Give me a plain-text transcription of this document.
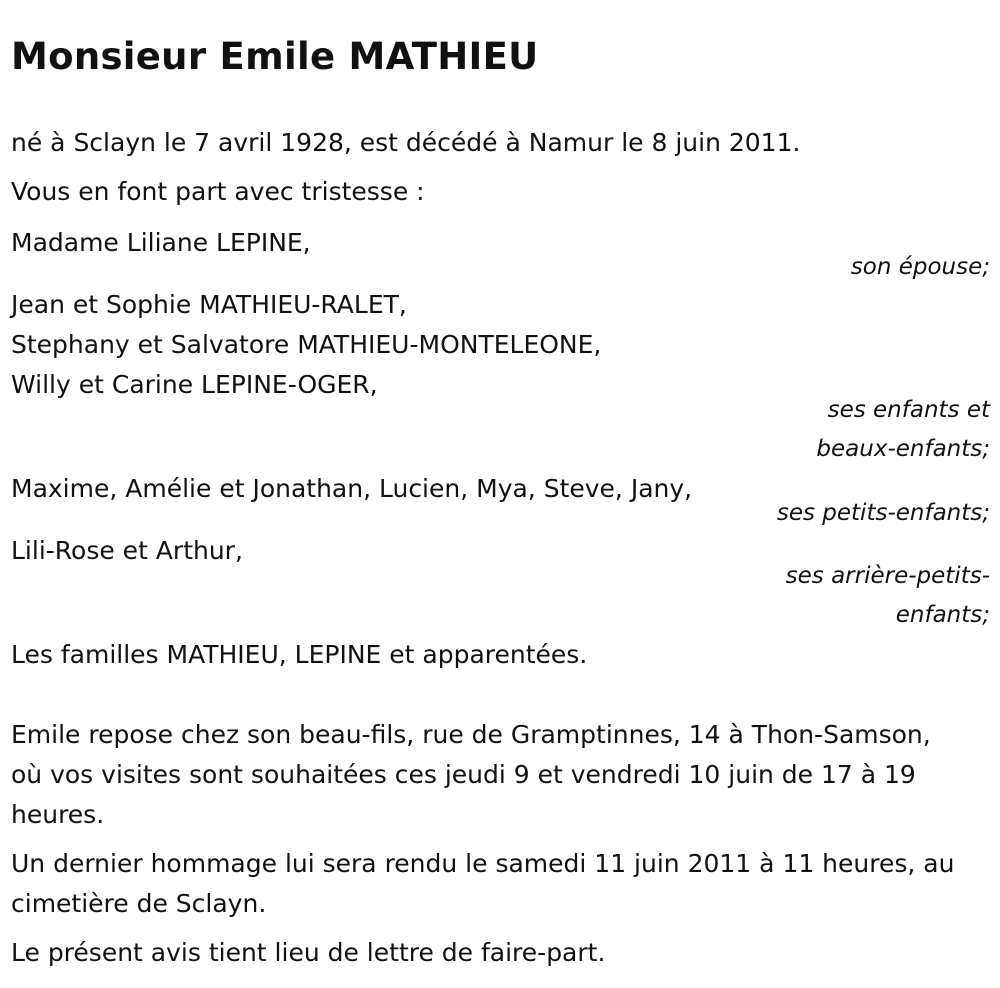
Monsieur Emile MATHIEU

né à Sclayn le 7 avril 1928, est décédé à Namur le 8 juin 2011.

Vous en font part avec tristesse :

Madame Liliane LEPINE,

son épouse;

Jean et Sophie MATHIEU-RALET,

Stephany et Salvatore MATHIEU-MONTELEONE,

Willy et Carine LEPINE-OGER,

ses enfants et

beaux-enfants;

Maxime, Amélie et Jonathan, Lucien, Mya, Steve, Jany,

ses petits-enfants;

Lili-Rose et Arthur,

ses arrière-petits-

enfants;

Les familles MATHIEU, LEPINE et apparentées.

Emile repose chez son beau-fils, rue de Gramptinnes, 14 à Thon-Samson,

où vos visites sont souhaitées ces jeudi 9 et vendredi 10 juin de 17 à 19

heures.

Un dernier hommage lui sera rendu le samedi 11 juin 2011 à 11 heures, au

cimetière de Sclayn.

Le présent avis tient lieu de lettre de faire-part.
